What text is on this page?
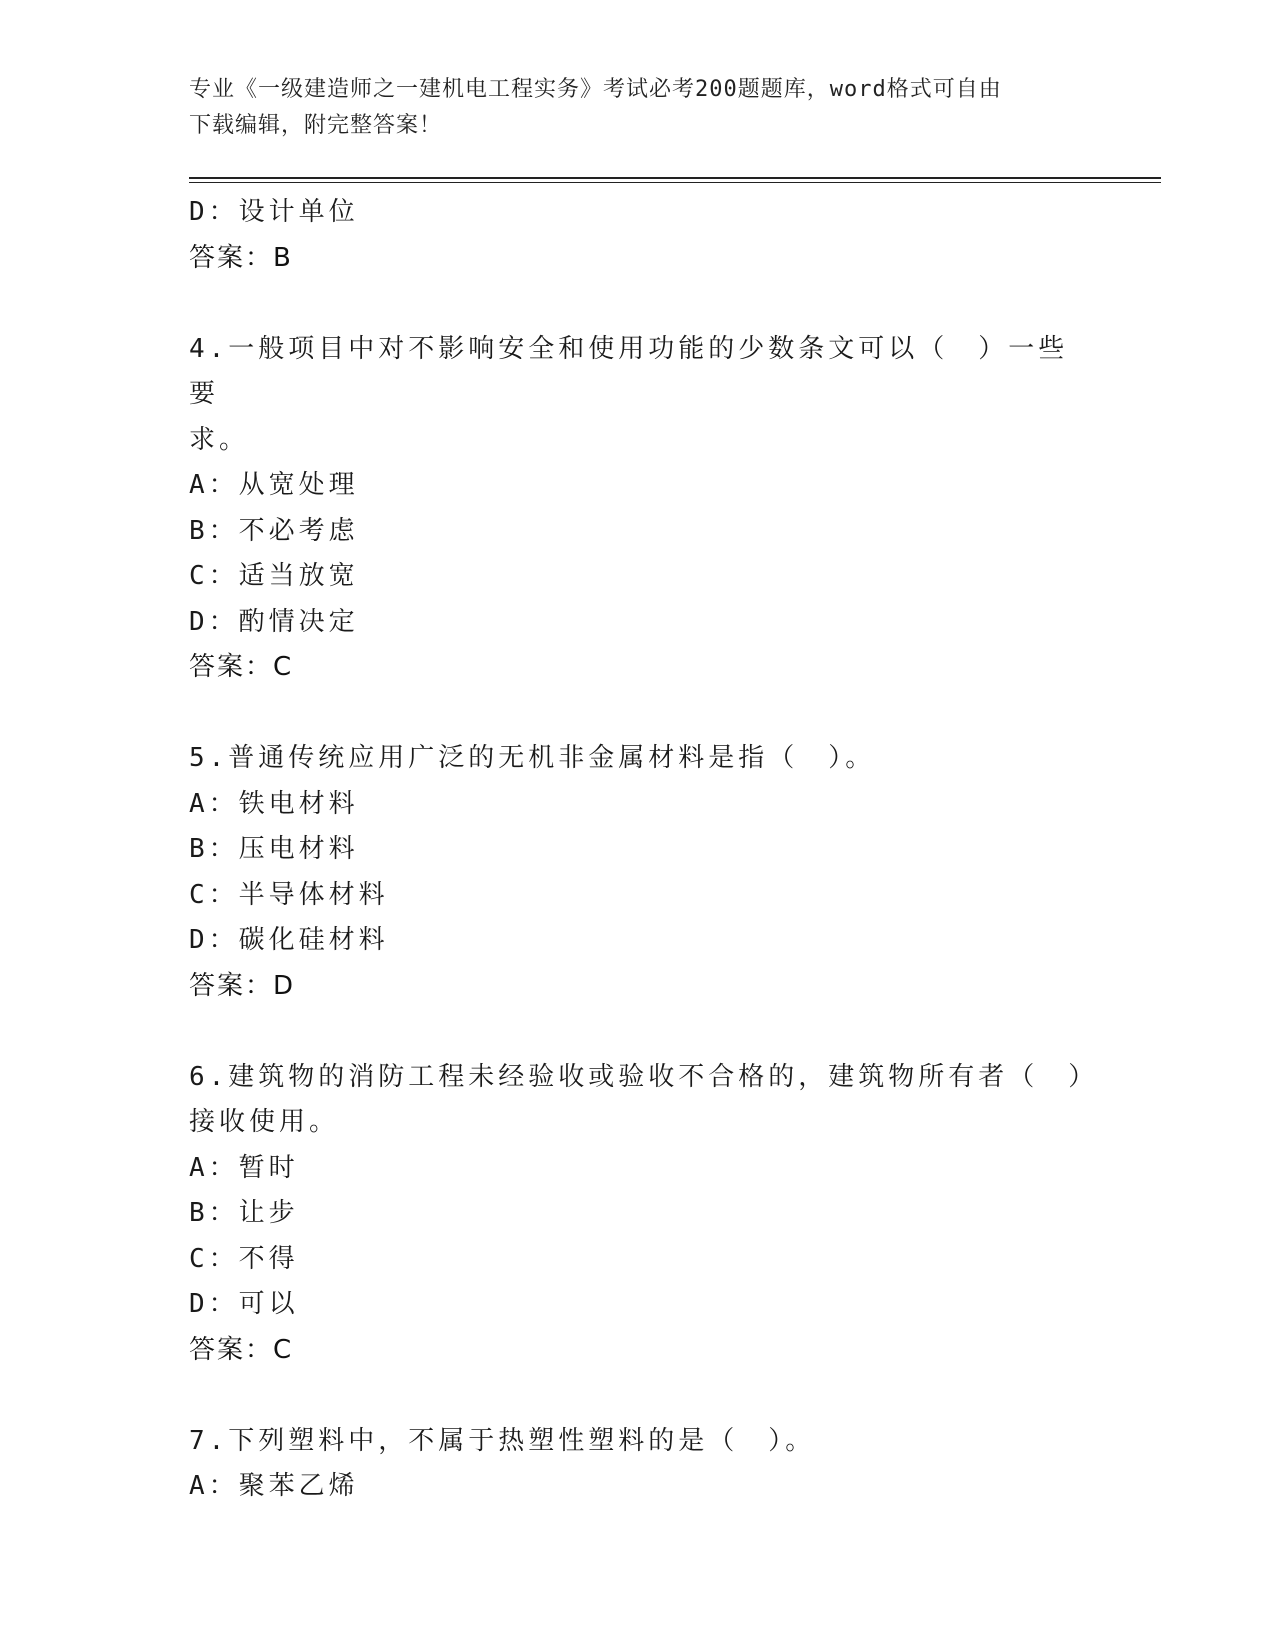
专业《一级建造师之一建机电工程实务》考试必考200题题库，word格式可自由
下载编辑，附完整答案！
D：设计单位
答案：B
4.一般项目中对不影响安全和使用功能的少数条文可以（　）一些要
求。
A：从宽处理
B：不必考虑
C：适当放宽
D：酌情决定
答案：C
5.普通传统应用广泛的无机非金属材料是指（　）。
A：铁电材料
B：压电材料
C：半导体材料
D：碳化硅材料
答案：D
6.建筑物的消防工程未经验收或验收不合格的，建筑物所有者（　）
接收使用。
A：暂时
B：让步
C：不得
D：可以
答案：C
7.下列塑料中，不属于热塑性塑料的是（　）。
A：聚苯乙烯
